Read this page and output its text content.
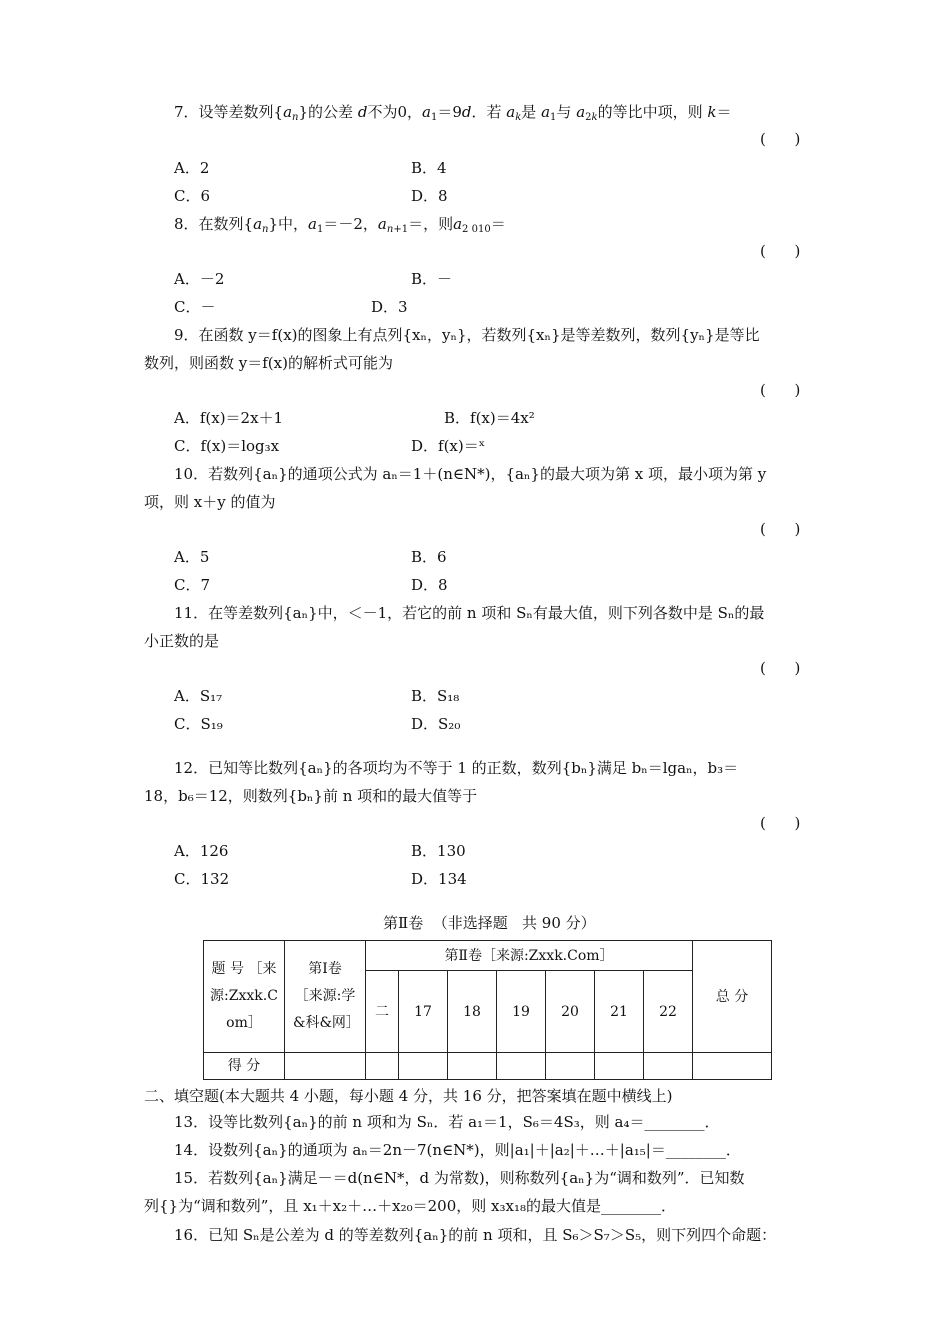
7．设等差数列$\{a_n\}$的公差 d不为0，$a_1=9d$．若 $a_k$是 $a_1$与 $a_{2k}$的等比中项，则 k＝
(      )
A．2	B．4
C．6	D．8
8．在数列$\{a_n\}$中，$a_1=-2$，$a_{n+1}=$，则$a_{2 010}=$
(      )
A．－2	B．－
C．－	D．3
9．在函数 y＝f(x)的图象上有点列{xₙ，yₙ}，若数列{xₙ}是等差数列，数列{yₙ}是等比
数列，则函数 y＝f(x)的解析式可能为
(      )
A．f(x)＝2x＋1	B．f(x)＝4x²
C．f(x)＝log₃x	D．f(x)＝ˣ
10．若数列{aₙ}的通项公式为 aₙ＝1＋(n∈N*)，{aₙ}的最大项为第 x 项，最小项为第 y
项，则 x＋y 的值为
(      )
A．5	B．6
C．7	D．8
11．在等差数列{aₙ}中，＜－1，若它的前 n 项和 Sₙ有最大值，则下列各数中是 Sₙ的最
小正数的是
(      )
A．S₁₇	B．S₁₈
C．S₁₉	D．S₂₀
12．已知等比数列{aₙ}的各项均为不等于 1 的正数，数列{bₙ}满足 bₙ＝lgaₙ，b₃＝
18，b₆＝12，则数列{bₙ}前 n 项和的最大值等于
(      )
A．126	B．130
C．132	D．134
第Ⅱ卷  （非选择题   共 90 分）
题 号 ［来源:Zxxk.Com］	第Ⅰ卷 ［来源:学&科&网］	第Ⅱ卷［来源:Zxxk.Com］							总 分
		二	17	18	19	20	21	22	
得 分									
二、填空题(本大题共 4 小题，每小题 4 分，共 16 分，把答案填在题中横线上)
13．设等比数列{aₙ}的前 n 项和为 Sₙ．若 a₁＝1，S₆＝4S₃，则 a₄＝________．
14．设数列{aₙ}的通项为 aₙ＝2n－7(n∈N*)，则|a₁|＋|a₂|＋…＋|a₁₅|＝________．
15．若数列{aₙ}满足－＝d(n∈N*，d 为常数)，则称数列{aₙ}为“调和数列”．已知数
列{}为“调和数列”，且 x₁＋x₂＋…＋x₂₀＝200，则 x₃x₁₈的最大值是________．
16．已知 Sₙ是公差为 d 的等差数列{aₙ}的前 n 项和，且 S₆＞S₇＞S₅，则下列四个命题：
